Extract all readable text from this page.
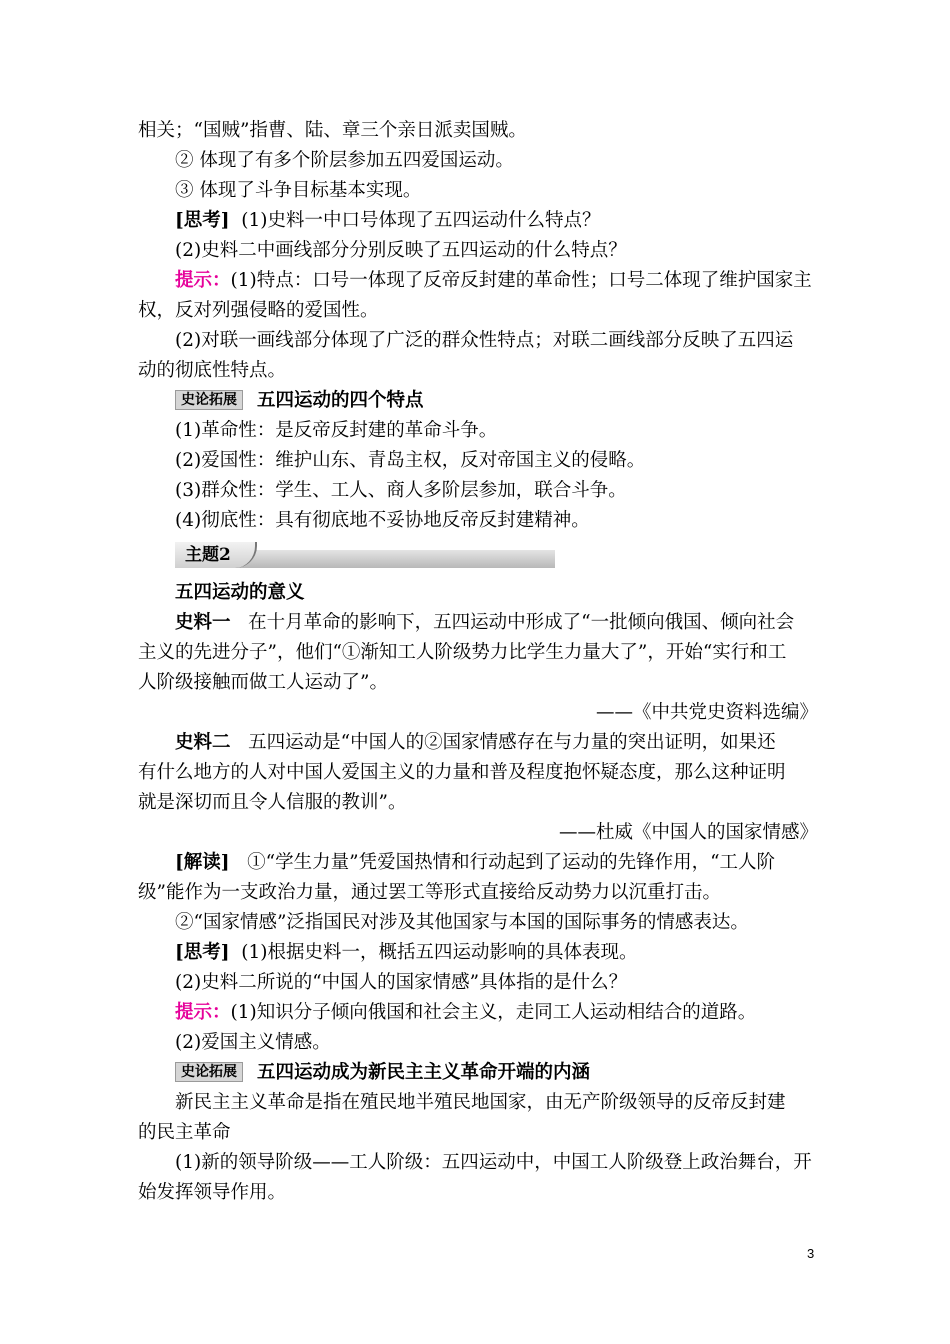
相关；“国贼”指曹、陆、章三个亲日派卖国贼。
② 体现了有多个阶层参加五四爱国运动。
③ 体现了斗争目标基本实现。
[思考] (1)史料一中口号体现了五四运动什么特点？
(2)史料二中画线部分分别反映了五四运动的什么特点？
提示：(1)特点：口号一体现了反帝反封建的革命性；口号二体现了维护国家主
权，反对列强侵略的爱国性。
(2)对联一画线部分体现了广泛的群众性特点；对联二画线部分反映了五四运
动的彻底性特点。
史论拓展 五四运动的四个特点
(1)革命性：是反帝反封建的革命斗争。
(2)爱国性：维护山东、青岛主权，反对帝国主义的侵略。
(3)群众性：学生、工人、商人多阶层参加，联合斗争。
(4)彻底性：具有彻底地不妥协地反帝反封建精神。
主题2
五四运动的意义
史料一 在十月革命的影响下，五四运动中形成了“一批倾向俄国、倾向社会
主义的先进分子”，他们“①渐知工人阶级势力比学生力量大了”，开始“实行和工
人阶级接触而做工人运动了”。
——《中共党史资料选编》
史料二 五四运动是“中国人的②国家情感存在与力量的突出证明，如果还
有什么地方的人对中国人爱国主义的力量和普及程度抱怀疑态度，那么这种证明
就是深切而且令人信服的教训”。
——杜威《中国人的国家情感》
[解读] ①“学生力量”凭爱国热情和行动起到了运动的先锋作用，“工人阶
级”能作为一支政治力量，通过罢工等形式直接给反动势力以沉重打击。
②“国家情感”泛指国民对涉及其他国家与本国的国际事务的情感表达。
[思考] (1)根据史料一，概括五四运动影响的具体表现。
(2)史料二所说的“中国人的国家情感”具体指的是什么？
提示：(1)知识分子倾向俄国和社会主义，走同工人运动相结合的道路。
(2)爱国主义情感。
史论拓展 五四运动成为新民主主义革命开端的内涵
新民主主义革命是指在殖民地半殖民地国家，由无产阶级领导的反帝反封建
的民主革命
(1)新的领导阶级——工人阶级：五四运动中，中国工人阶级登上政治舞台，开
始发挥领导作用。
3
